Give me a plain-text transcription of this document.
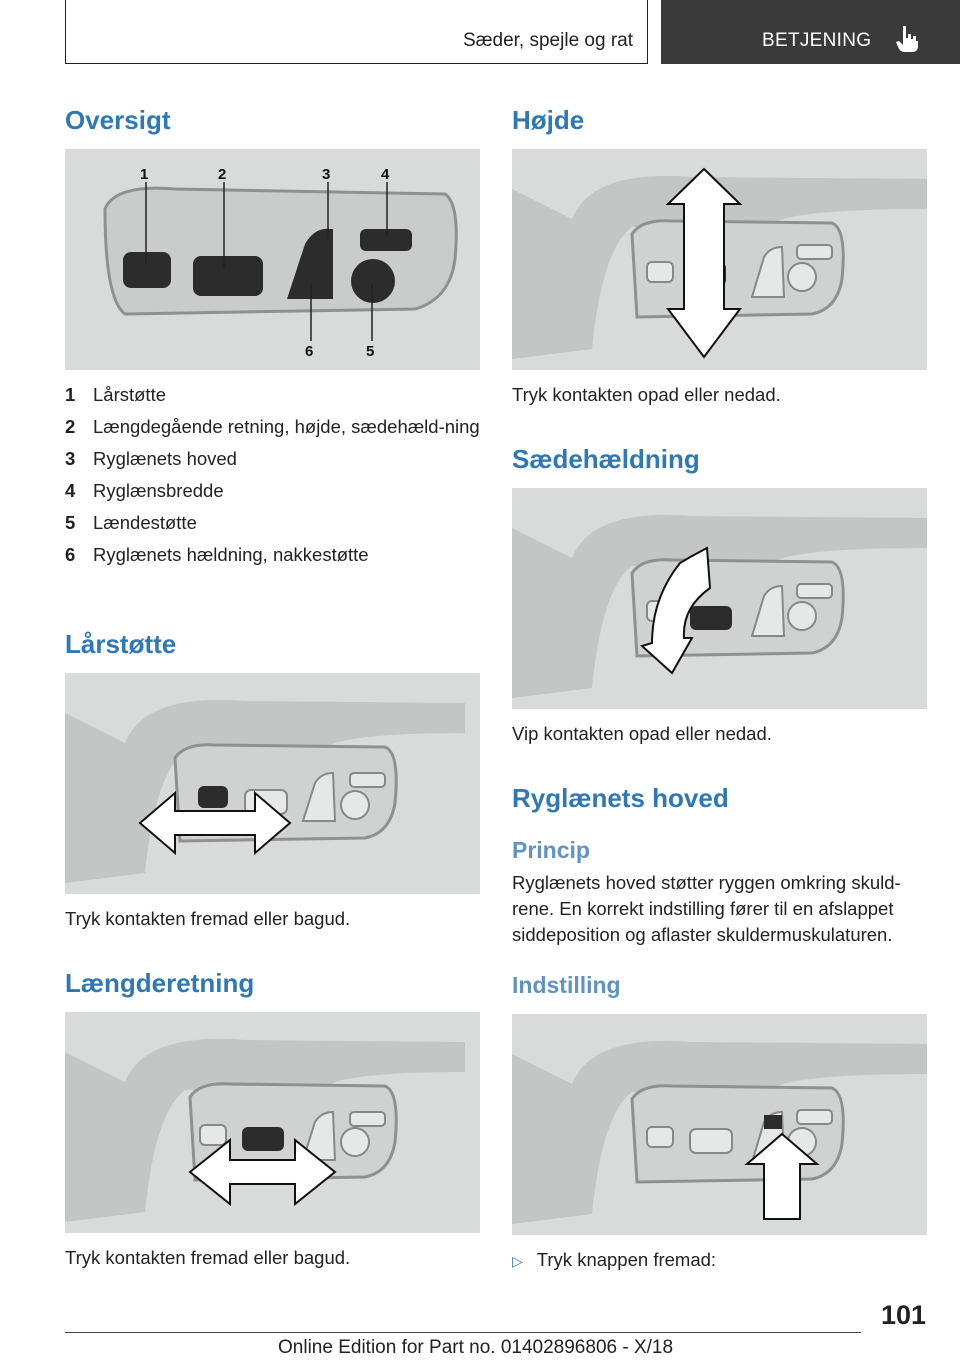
Sæder, spejle og rat	BETJENING
Oversigt
1	2	3	4
6	5
1 Lårstøtte
2 Længdegående retning, højde, sædehæld-ning
3 Ryglænets hoved
4 Ryglænsbredde
5 Lændestøtte
6 Ryglænets hældning, nakkestøtte
Lårstøtte

Tryk kontakten fremad eller bagud.

Længderetning

Tryk kontakten fremad eller bagud.

Højde

Tryk kontakten opad eller nedad.

Sædehældning

Vip kontakten opad eller nedad.

Ryglænets hoved
Princip

Ryglænets hoved støtter ryggen omkring skuld-rene. En korrekt indstilling fører til en afslappet siddeposition og aflaster skuldermuskulaturen.

Indstilling
▷ Tryk knappen fremad:
101
Online Edition for Part no. 01402896806 - X/18
